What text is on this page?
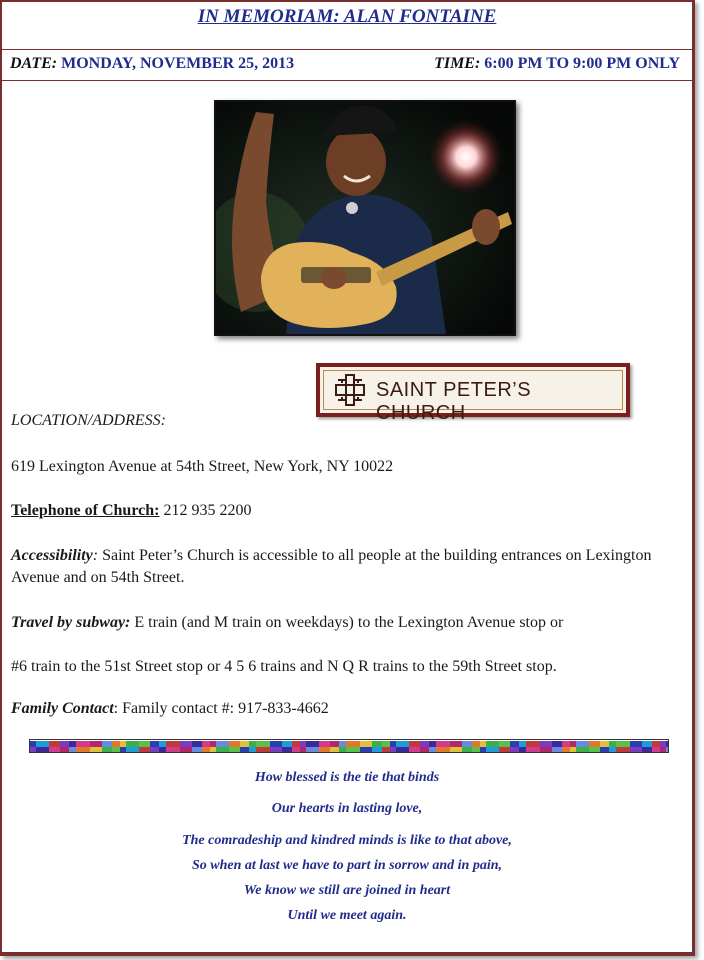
IN MEMORIAM: ALAN FONTAINE
DATE: MONDAY, NOVEMBER 25, 2013	TIME: 6:00 PM TO 9:00 PM ONLY
SAINT PETER’S CHURCH
LOCATION/ADDRESS:
619 Lexington Avenue at 54th Street, New York, NY 10022
Telephone of Church: 212 935 2200
Accessibility: Saint Peter’s Church is accessible to all people at the building entrances on Lexington Avenue and on 54th Street.
Travel by subway: E train (and M train on weekdays) to the Lexington Avenue stop or
#6 train to the 51st Street stop or 4 5 6 trains and N Q R trains to the 59th Street stop.
Family Contact: Family contact #: 917-833-4662
How blessed is the tie that binds
Our hearts in lasting love,
The comradeship and kindred minds is like to that above,
So when at last we have to part in sorrow and in pain,
We know we still are joined in heart
Until we meet again.
